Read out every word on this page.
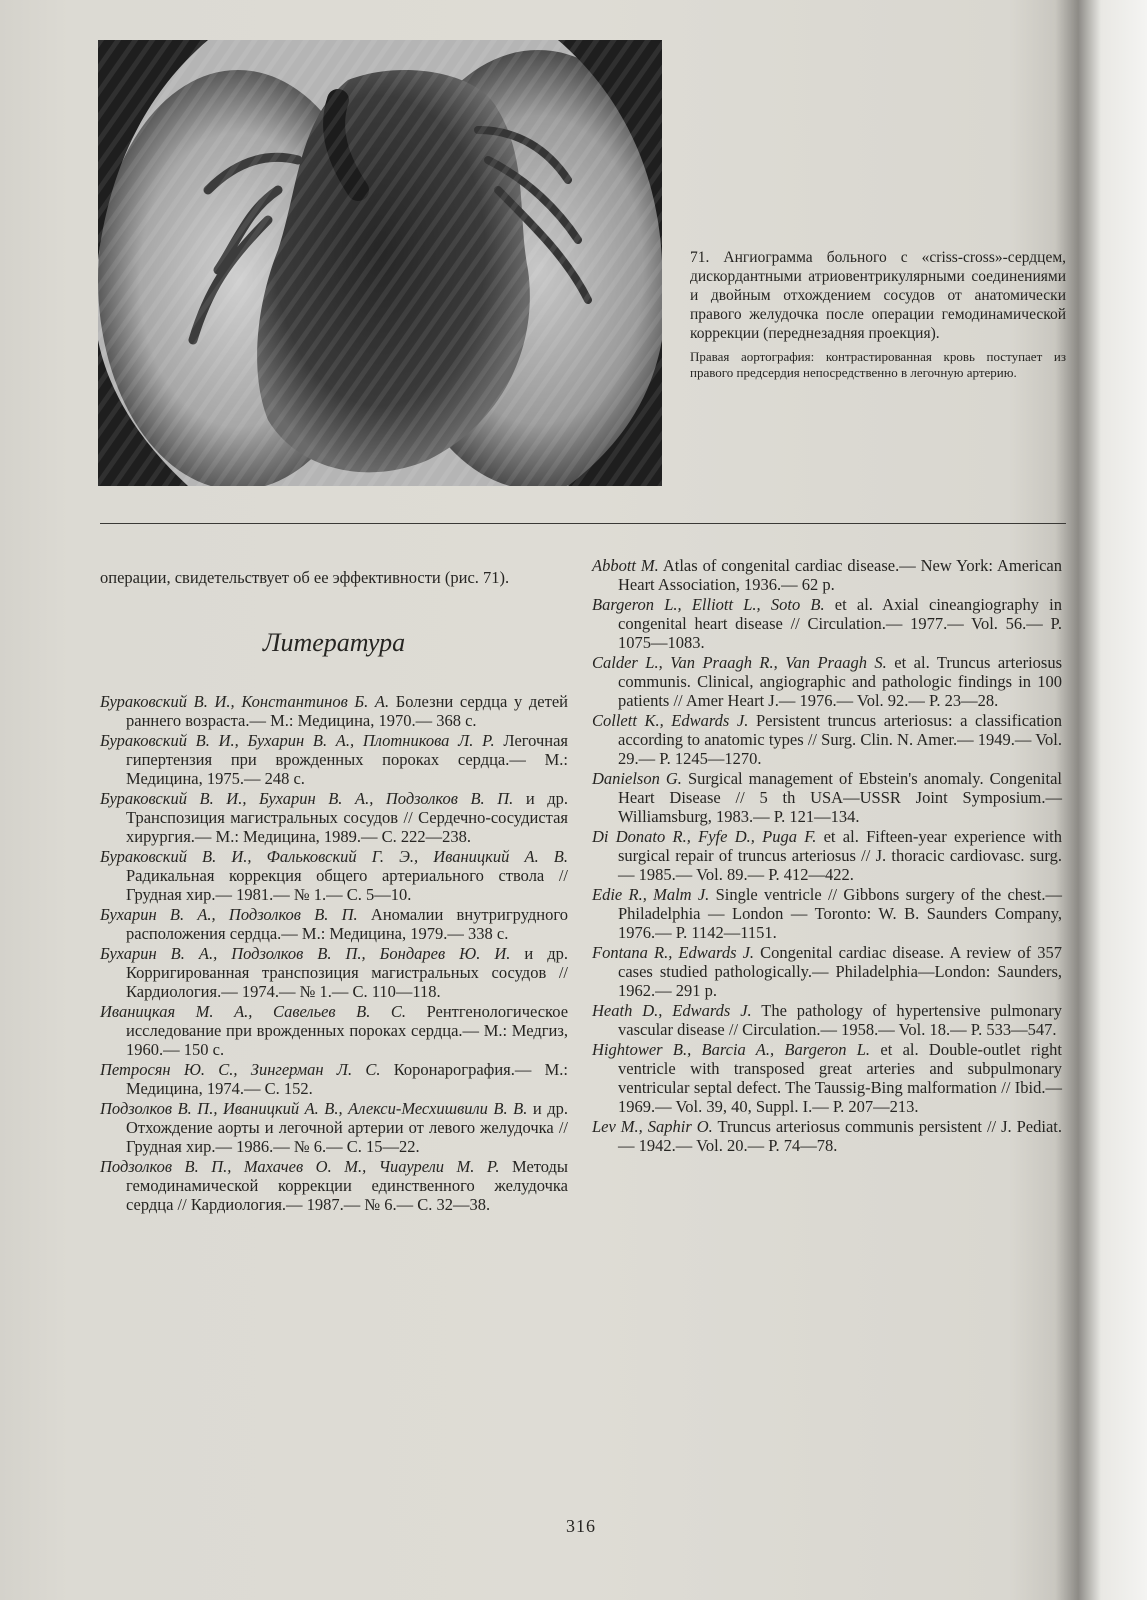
71. Ангиограмма больного с «criss-cross»-сердцем, дискордантными атриовентрикулярными соединениями и двойным отхождением сосудов от анатомически правого желудочка после операции гемодинамической коррекции (переднезадняя проекция).

Правая аортография: контрастированная кровь поступает из правого предсердия непосредственно в легочную артерию.

операции, свидетельствует об ее эффективности (рис. 71).

Литература
Бураковский В. И., Константинов Б. А. Болезни сердца у детей раннего возраста.— М.: Медицина, 1970.— 368 с.
Бураковский В. И., Бухарин В. А., Плотникова Л. Р. Легочная гипертензия при врожденных пороках сердца.— М.: Медицина, 1975.— 248 с.
Бураковский В. И., Бухарин В. А., Подзолков В. П. и др. Транспозиция магистральных сосудов // Сердечно-сосудистая хирургия.— М.: Медицина, 1989.— С. 222—238.
Бураковский В. И., Фальковский Г. Э., Иваницкий А. В. Радикальная коррекция общего артериального ствола // Грудная хир.— 1981.— № 1.— С. 5—10.
Бухарин В. А., Подзолков В. П. Аномалии внутригрудного расположения сердца.— М.: Медицина, 1979.— 338 с.
Бухарин В. А., Подзолков В. П., Бондарев Ю. И. и др. Корригированная транспозиция магистральных сосудов // Кардиология.— 1974.— № 1.— С. 110—118.
Иваницкая М. А., Савельев В. С. Рентгенологическое исследование при врожденных пороках сердца.— М.: Медгиз, 1960.— 150 с.
Петросян Ю. С., Зингерман Л. С. Коронарография.— М.: Медицина, 1974.— С. 152.
Подзолков В. П., Иваницкий А. В., Алекси-Месхишвили В. В. и др. Отхождение аорты и легочной артерии от левого желудочка // Грудная хир.— 1986.— № 6.— С. 15—22.
Подзолков В. П., Махачев О. М., Чиаурели М. Р. Методы гемодинамической коррекции единственного желудочка сердца // Кардиология.— 1987.— № 6.— С. 32—38.
Abbott M. Atlas of congenital cardiac disease.— New York: American Heart Association, 1936.— 62 p.
Bargeron L., Elliott L., Soto B. et al. Axial cineangiography in congenital heart disease // Circulation.— 1977.— Vol. 56.— P. 1075—1083.
Calder L., Van Praagh R., Van Praagh S. et al. Truncus arteriosus communis. Clinical, angiographic and pathologic findings in 100 patients // Amer Heart J.— 1976.— Vol. 92.— P. 23—28.
Collett K., Edwards J. Persistent truncus arteriosus: a classification according to anatomic types // Surg. Clin. N. Amer.— 1949.— Vol. 29.— P. 1245—1270.
Danielson G. Surgical management of Ebstein's anomaly. Congenital Heart Disease // 5 th USA—USSR Joint Symposium.— Williamsburg, 1983.— P. 121—134.
Di Donato R., Fyfe D., Puga F. et al. Fifteen-year experience with surgical repair of truncus arteriosus // J. thoracic cardiovasc. surg.— 1985.— Vol. 89.— P. 412—422.
Edie R., Malm J. Single ventricle // Gibbons surgery of the chest.— Philadelphia — London — Toronto: W. B. Saunders Company, 1976.— P. 1142—1151.
Fontana R., Edwards J. Congenital cardiac disease. A review of 357 cases studied pathologically.— Philadelphia—London: Saunders, 1962.— 291 p.
Heath D., Edwards J. The pathology of hypertensive pulmonary vascular disease // Circulation.— 1958.— Vol. 18.— P. 533—547.
Hightower B., Barcia A., Bargeron L. et al. Double-outlet right ventricle with transposed great arteries and subpulmonary ventricular septal defect. The Taussig-Bing malformation // Ibid.— 1969.— Vol. 39, 40, Suppl. I.— P. 207—213.
Lev M., Saphir O. Truncus arteriosus communis persistent // J. Pediat.— 1942.— Vol. 20.— P. 74—78.
316
